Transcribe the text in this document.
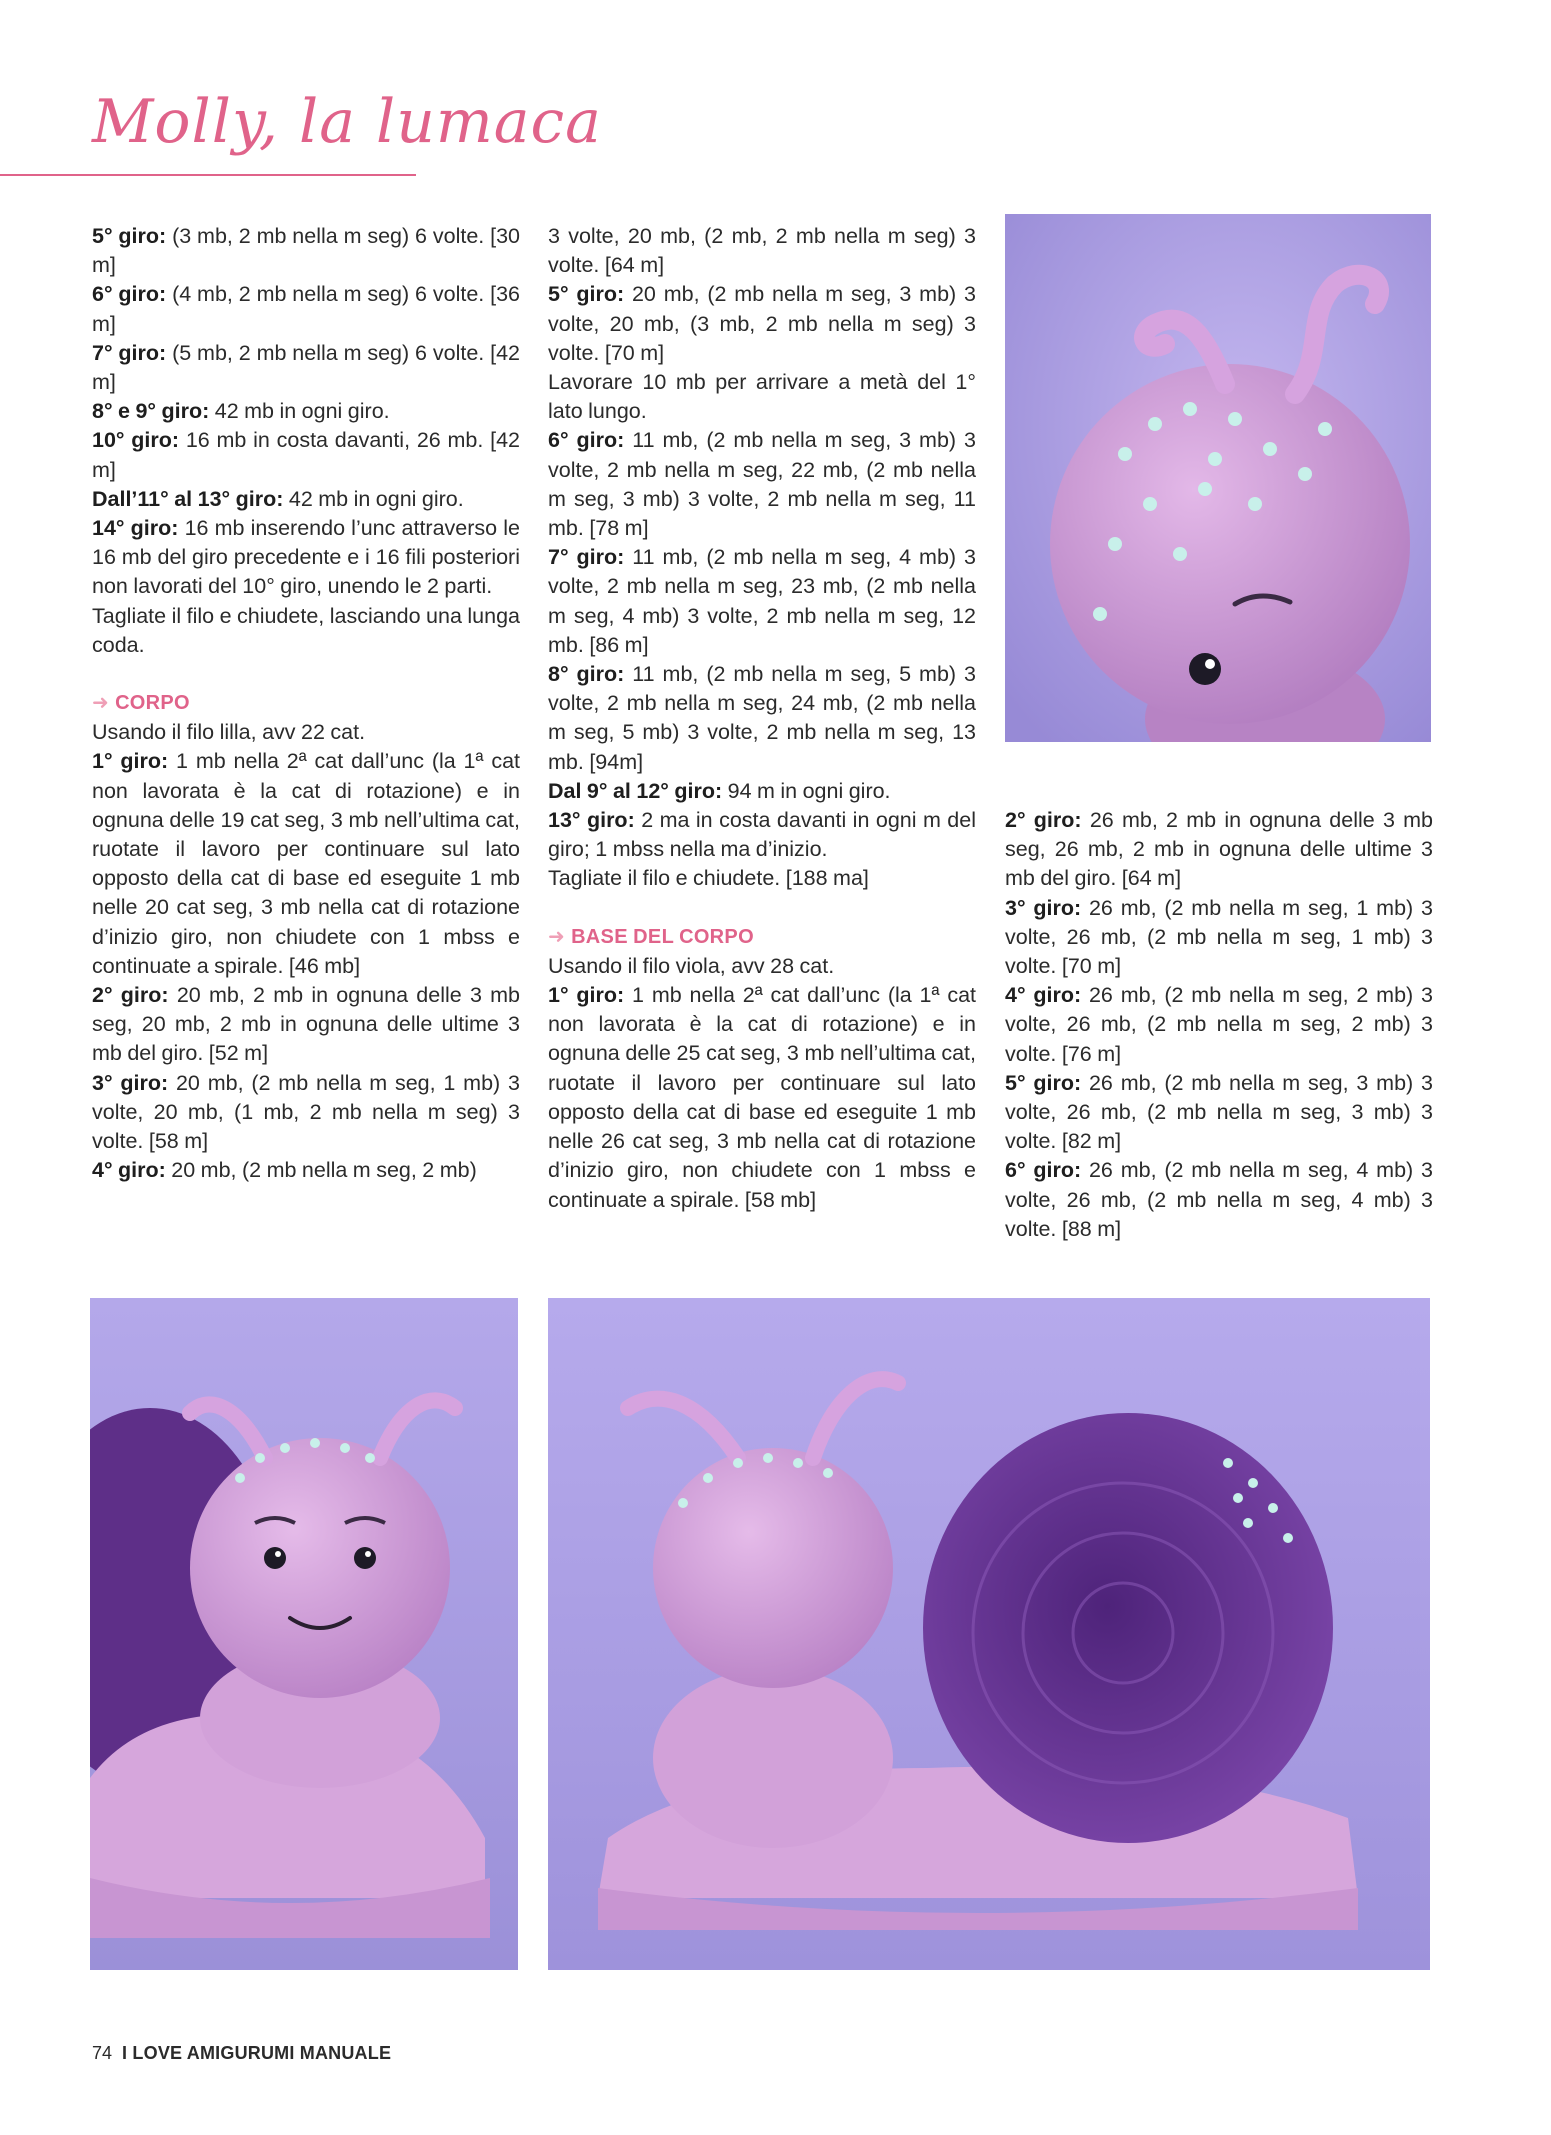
Molly, la lumaca

5° giro: (3 mb, 2 mb nella m seg) 6 volte. [30 m]

6° giro: (4 mb, 2 mb nella m seg) 6 volte. [36 m]

7° giro: (5 mb, 2 mb nella m seg) 6 volte. [42 m]

8° e 9° giro: 42 mb in ogni giro.

10° giro: 16 mb in costa davanti, 26 mb. [42 m]

Dall’11° al 13° giro: 42 mb in ogni giro.

14° giro: 16 mb inserendo l’unc attraverso le 16 mb del giro precedente e i 16 fili posteriori non lavorati del 10° giro, unendo le 2 parti.

Tagliate il filo e chiudete, lasciando una lunga coda.

➜ CORPO

Usando il filo lilla, avv 22 cat.

1° giro: 1 mb nella 2ª cat dall’unc (la 1ª cat non lavorata è la cat di rotazione) e in ognuna delle 19 cat seg, 3 mb nell’ultima cat, ruotate il lavoro per continuare sul lato opposto della cat di base ed eseguite 1 mb nelle 20 cat seg, 3 mb nella cat di rotazione d’inizio giro, non chiudete con 1 mbss e continuate a spirale. [46 mb]

2° giro: 20 mb, 2 mb in ognuna delle 3 mb seg, 20 mb, 2 mb in ognuna delle ultime 3 mb del giro. [52 m]

3° giro: 20 mb, (2 mb nella m seg, 1 mb) 3 volte, 20 mb, (1 mb, 2 mb nella m seg) 3 volte. [58 m]

4° giro: 20 mb, (2 mb nella m seg, 2 mb)

3 volte, 20 mb, (2 mb, 2 mb nella m seg) 3 volte. [64 m]

5° giro: 20 mb, (2 mb nella m seg, 3 mb) 3 volte, 20 mb, (3 mb, 2 mb nella m seg) 3 volte. [70 m]

Lavorare 10 mb per arrivare a metà del 1° lato lungo.

6° giro: 11 mb, (2 mb nella m seg, 3 mb) 3 volte, 2 mb nella m seg, 22 mb, (2 mb nella m seg, 3 mb) 3 volte, 2 mb nella m seg, 11 mb. [78 m]

7° giro: 11 mb, (2 mb nella m seg, 4 mb) 3 volte, 2 mb nella m seg, 23 mb, (2 mb nella m seg, 4 mb) 3 volte, 2 mb nella m seg, 12 mb. [86 m]

8° giro: 11 mb, (2 mb nella m seg, 5 mb) 3 volte, 2 mb nella m seg, 24 mb, (2 mb nella m seg, 5 mb) 3 volte, 2 mb nella m seg, 13 mb. [94m]

Dal 9° al 12° giro: 94 m in ogni giro.

13° giro: 2 ma in costa davanti in ogni m del giro; 1 mbss nella ma d’inizio.

Tagliate il filo e chiudete. [188 ma]

➜ BASE DEL CORPO

Usando il filo viola, avv 28 cat.

1° giro: 1 mb nella 2ª cat dall’unc (la 1ª cat non lavorata è la cat di rotazione) e in ognuna delle 25 cat seg, 3 mb nell’ultima cat, ruotate il lavoro per continuare sul lato opposto della cat di base ed eseguite 1 mb nelle 26 cat seg, 3 mb nella cat di rotazione d’inizio giro, non chiudete con 1 mbss e continuate a spirale. [58 mb]

2° giro: 26 mb, 2 mb in ognuna delle 3 mb seg, 26 mb, 2 mb in ognuna delle ultime 3 mb del giro. [64 m]

3° giro: 26 mb, (2 mb nella m seg, 1 mb) 3 volte, 26 mb, (2 mb nella m seg, 1 mb) 3 volte. [70 m]

4° giro: 26 mb, (2 mb nella m seg, 2 mb) 3 volte, 26 mb, (2 mb nella m seg, 2 mb) 3 volte. [76 m]

5° giro: 26 mb, (2 mb nella m seg, 3 mb) 3 volte, 26 mb, (2 mb nella m seg, 3 mb) 3 volte. [82 m]

6° giro: 26 mb, (2 mb nella m seg, 4 mb) 3 volte, 26 mb, (2 mb nella m seg, 4 mb) 3 volte. [88 m]

74 I LOVE AMIGURUMI MANUALE
